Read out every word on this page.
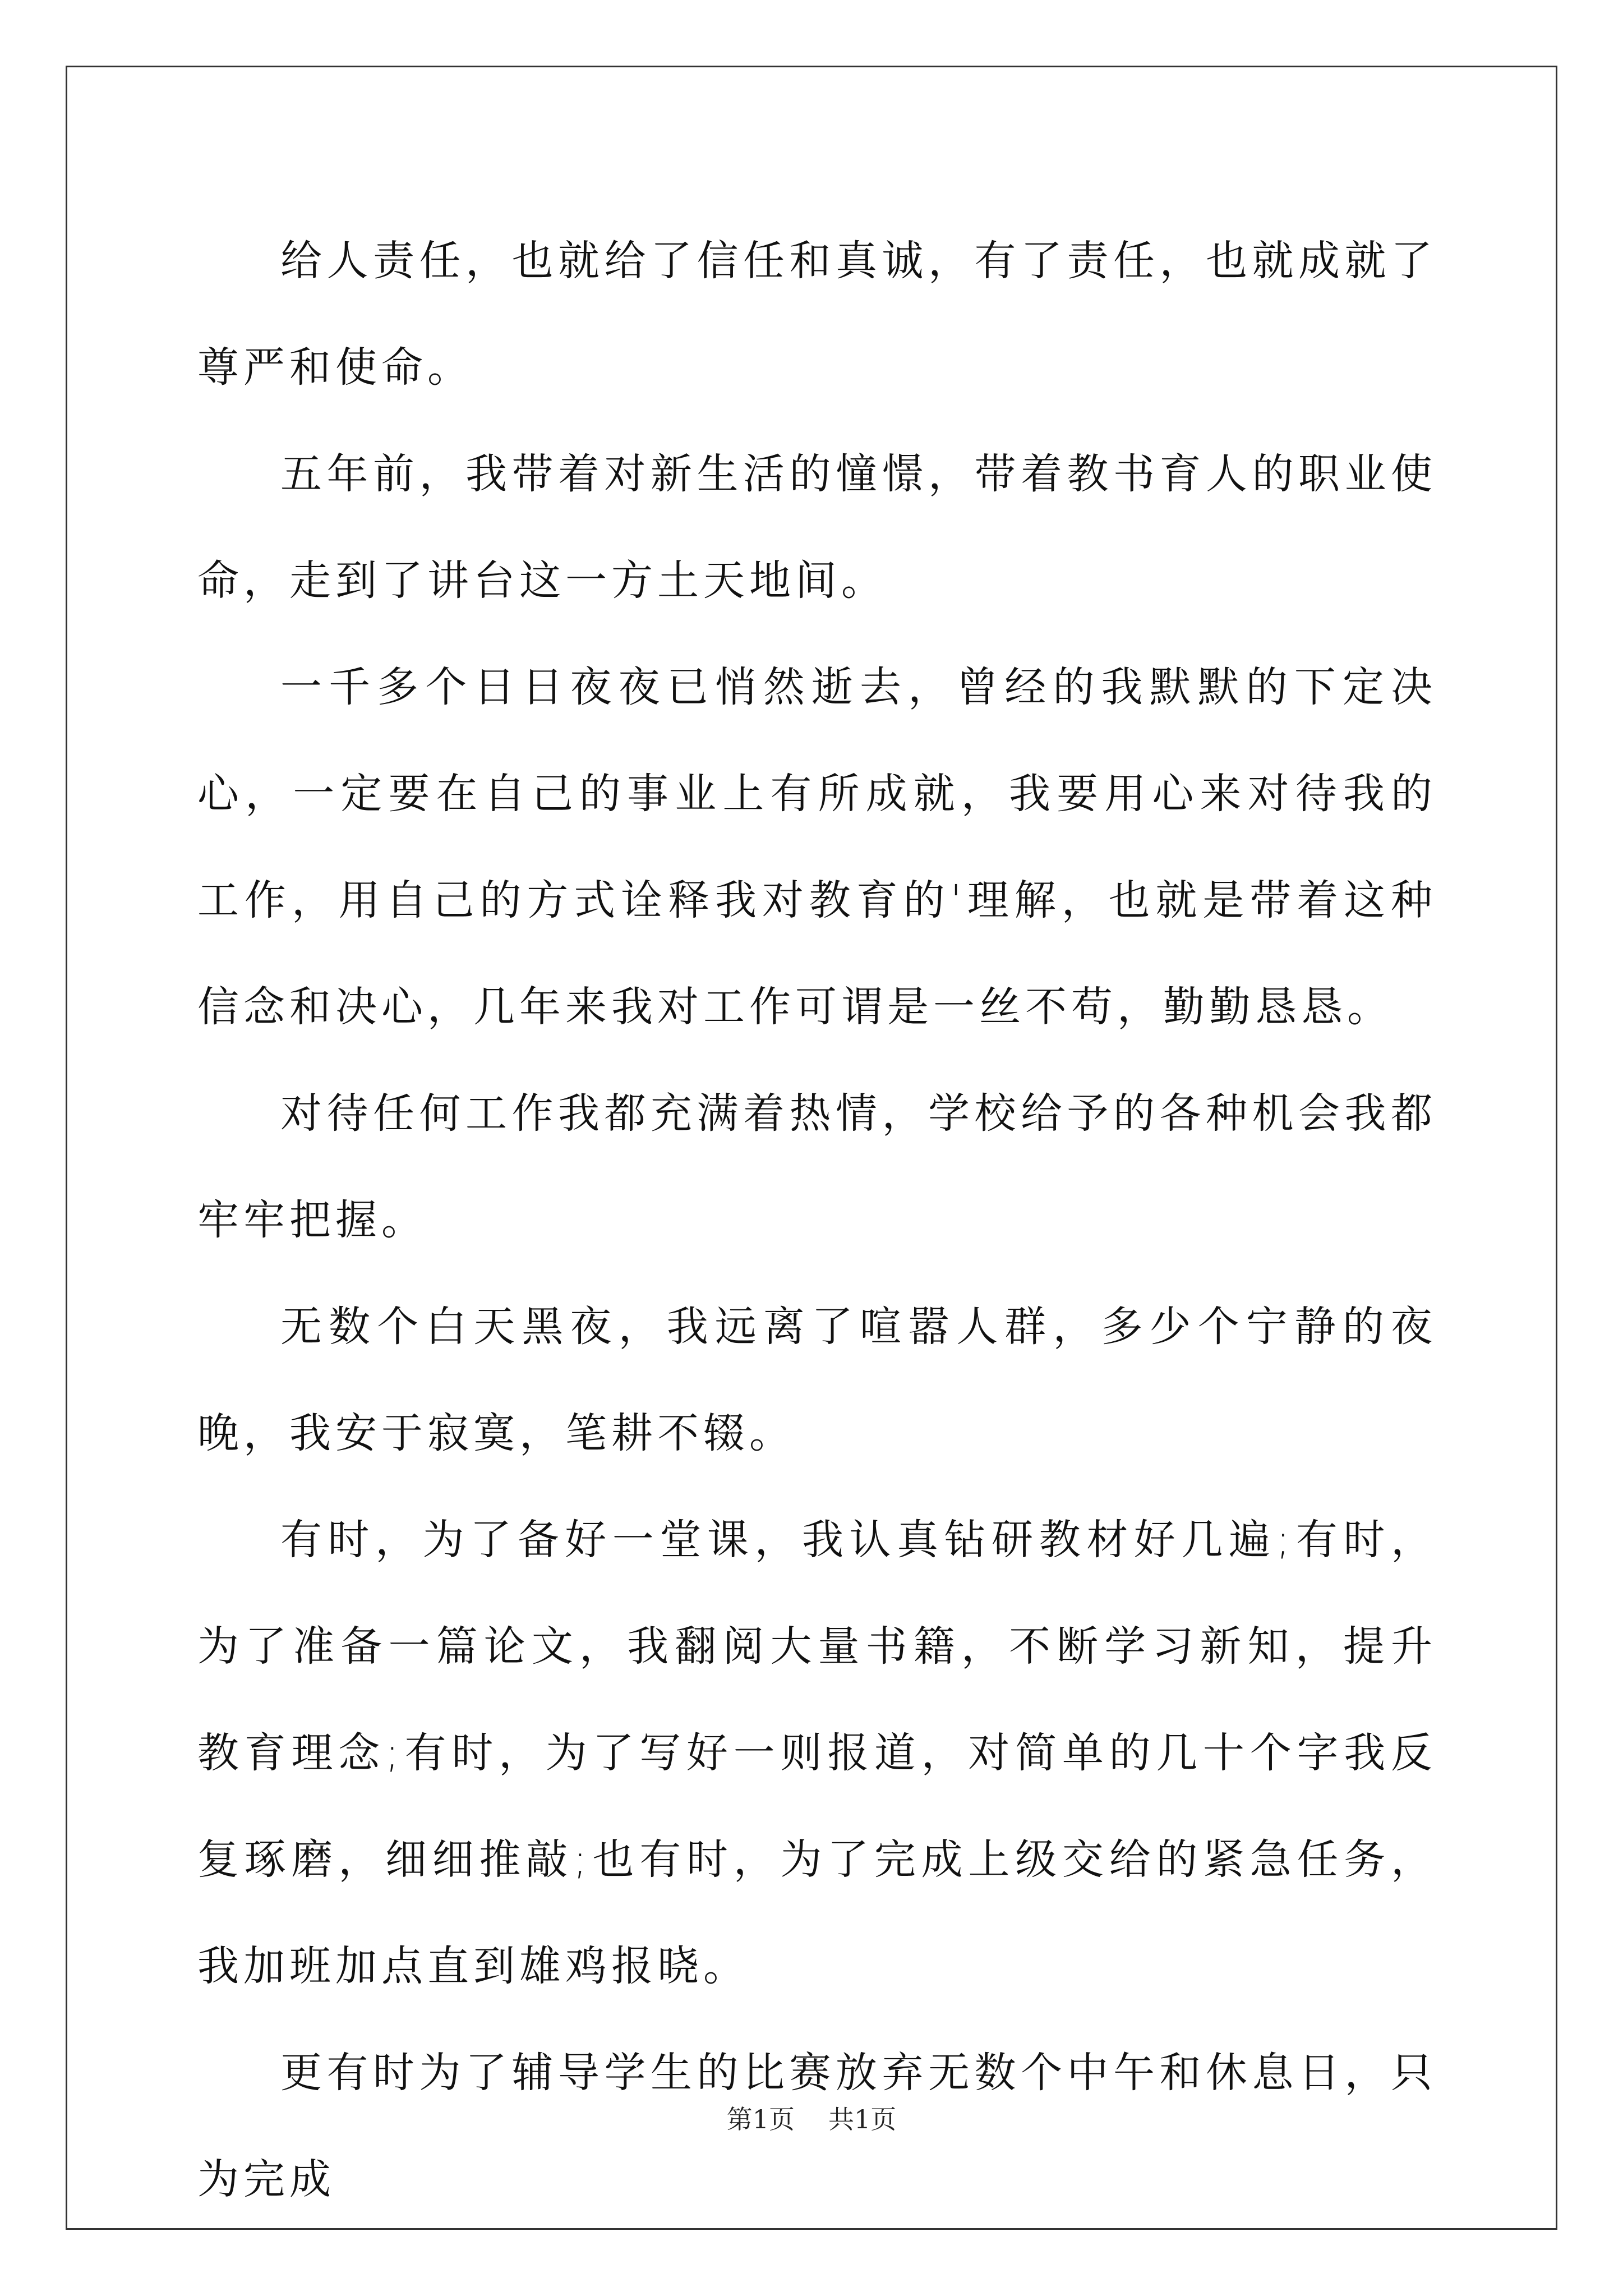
给人责任，也就给了信任和真诚，有了责任，也就成就了尊严和使命。

五年前，我带着对新生活的憧憬，带着教书育人的职业使命，走到了讲台这一方土天地间。

一千多个日日夜夜已悄然逝去，曾经的我默默的下定决心，一定要在自己的事业上有所成就，我要用心来对待我的工作，用自己的方式诠释我对教育的'理解，也就是带着这种信念和决心，几年来我对工作可谓是一丝不苟，勤勤恳恳。

对待任何工作我都充满着热情，学校给予的各种机会我都牢牢把握。

无数个白天黑夜，我远离了喧嚣人群，多少个宁静的夜晚，我安于寂寞，笔耕不辍。

有时，为了备好一堂课，我认真钻研教材好几遍;有时，为了准备一篇论文，我翻阅大量书籍，不断学习新知，提升教育理念;有时，为了写好一则报道，对简单的几十个字我反复琢磨，细细推敲;也有时，为了完成上级交给的紧急任务，我加班加点直到雄鸡报晓。

更有时为了辅导学生的比赛放弃无数个中午和休息日，只为完成

第1页 共1页
